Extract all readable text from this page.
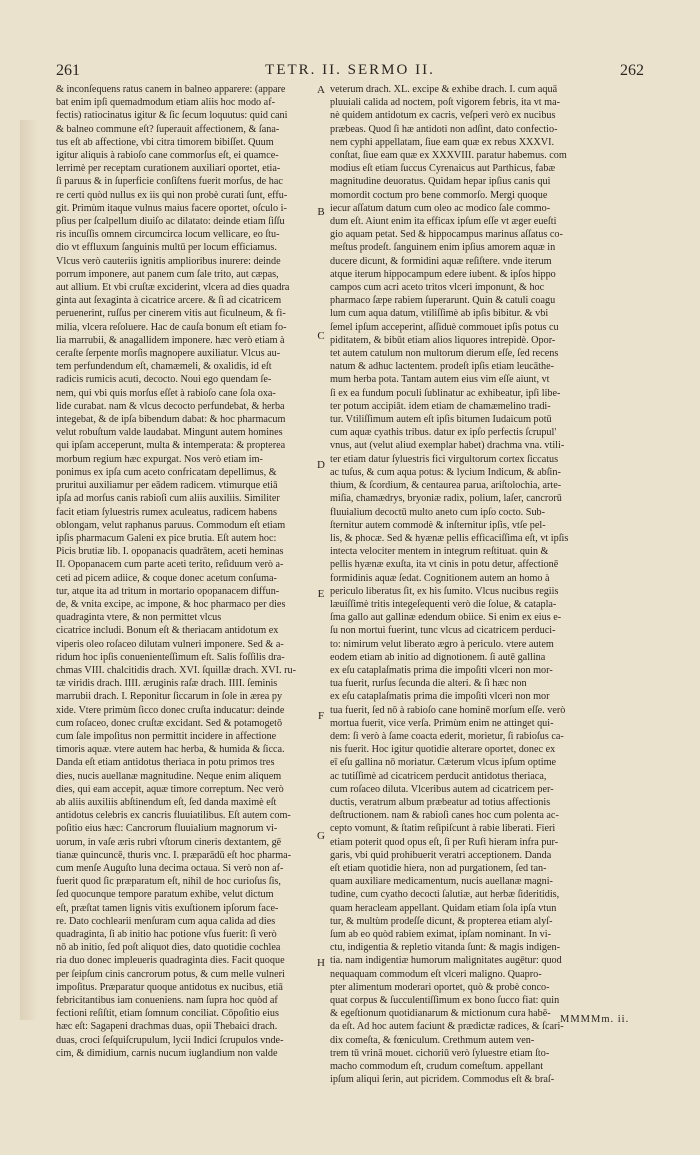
261	TETR. II. SERMO II.	262
& inconſequens ratus canem in balneo apparere: (appare
bat enim ipſi quemadmodum etiam aliis hoc modo af-
fectis) ratiocinatus igitur & ſic ſecum loquutus: quid cani
& balneo commune eſt? ſuperauit affectionem, & ſana-
tus eſt ab affectione, vbi citra timorem bibiſſet. Quum
igitur aliquis à rabioſo cane commorſus eſt, ei quamce-
lerrimè per receptam curationem auxiliari oportet, etia-
ſi paruus & in ſuperficie conſiſtens fuerit morſus, de hac
re certi quòd nullus ex iis qui non probè curati ſunt, effu-
git. Primùm itaque vulnus maius facere oportet, oſculo i-
pſius per ſcalpellum diuiſo ac dilatato: deinde etiam ſiſſu
ris incuſſis omnem circumcirca locum vellicare, eo ſtu-
dio vt effluxum ſanguinis multū per locum efficiamus.
Vlcus verò cauteriis ignitis amplioribus inurere: deinde
porrum imponere, aut panem cum ſale trito, aut cæpas,
aut allium. Et vbi cruſtæ exciderint, vlcera ad dies quadra
ginta aut ſexaginta à cicatrice arcere. & ſi ad cicatricem
peruenerint, ruſſus per cinerem vitis aut ficulneum, & fi-
milia, vlcera reſoluere. Hac de cauſa bonum eſt etiam fo-
lia marrubii, & anagallidem imponere. hæc verò etiam à
ceraſte ſerpente morſis magnopere auxiliatur. Vlcus au-
tem perfundendum eſt, chamæmeli, & oxalidis, id eſt
radicis rumicis acuti, decocto. Noui ego quendam ſe-
nem, qui vbi quis morſus eſſet à rabioſo cane ſola oxa-
lide curabat. nam & vlcus decocto perfundebat, & herba
integebat, & de ipſa bibendum dabat: & hoc pharmacum
velut robuſtum valde laudabat. Mingunt autem homines
qui ipſam acceperunt, multa & intemperata: & propterea
morbum regium hæc expurgat. Nos verò etiam im-
ponimus ex ipſa cum aceto confricatam depellimus, &
pruritui auxiliamur per eādem radicem. vtimurque etiā
ipſa ad morſus canis rabioſi cum aliis auxiliis. Similiter
facit etiam ſyluestris rumex aculeatus, radicem habens
oblongam, velut raphanus paruus. Commodum eſt etiam
ipſis pharmacum Galeni ex pice brutia. Eſt autem hoc:
Picis brutiæ lib. I. opopanacis quadrātem, aceti heminas
II. Opopanacem cum parte aceti terito, reſiduum verò a-
ceti ad picem adiice, & coque donec acetum conſuma-
tur, atque ita ad tritum in mortario opopanacem diffun-
de, & vnita excipe, ac impone, & hoc pharmaco per dies
quadraginta vtere, & non permittet vlcus
cicatrice includi. Bonum eſt & theriacam antidotum ex
viperis oleo roſaceo dilutam vulneri imponere. Sed & a-
ridum hoc ipſis conuenienteſſimum eſt. Salis foſſilis dra-
chmas VIII. chalcitidis drach. XVI. ſquillæ drach. XVI. ru-
tæ viridis drach. IIII. æruginis raſæ drach. IIII. ſeminis
marrubii drach. I. Reponitur ſiccarum in ſole in ærea py
xide. Vtere primùm ſicco donec cruſta inducatur: deinde
cum roſaceo, donec cruſtæ excidant. Sed & potamogetō
cum ſale impoſitus non permittit incidere in affectione
timoris aquæ. vtere autem hac herba, & humida & ſicca.
Danda eſt etiam antidotus theriaca in potu primos tres
dies, nucis auellanæ magnitudine. Neque enim aliquem
dies, qui eam accepit, aquæ timore correptum. Nec verò
ab aliis auxiliis abſtinendum eſt, ſed danda maximè eſt
antidotus celebris ex cancris fluuiatilibus. Eſt autem com-
poſitio eius hæc: Cancrorum fluuialium magnorum vi-
uorum, in vaſe æris rubri vſtorum cineris dextantem, gē
tianæ quincuncē, thuris vnc. I. præparādū eſt hoc pharma-
cum menſe Auguſto luna decima octaua. Si verò non af-
fuerit quod ſic præparatum eſt, nihil de hoc curioſus ſis,
ſed quocunque tempore paratum exhibe, velut dictum
eſt, præſtat tamen lignis vitis exuſtionem ipſorum face-
re. Dato cochlearii menſuram cum aqua calida ad dies
quadraginta, ſi ab initio hac potione vſus fuerit: ſi verò
nō ab initio, ſed poſt aliquot dies, dato quotidie cochlea
ria duo donec impleueris quadraginta dies. Facit quoque
per ſeipſum cinis cancrorum potus, & cum melle vulneri
impoſitus. Præparatur quoque antidotus ex nucibus, etiā
febricitantibus iam conueniens. nam ſupra hoc quòd af
fectioni reſiſtit, etiam ſomnum conciliat. Cōpoſitio eius
hæc eſt: Sagapeni drachmas duas, opii Thebaici drach.
duas, croci ſeſquiſcrupulum, lycii Indici ſcrupulos vnde-
cim, & dimidium, carnis nucum iuglandium non valde
veterum drach. XL. excipe & exhibe drach. I. cum aquā
pluuiali calida ad noctem, poſt vigorem febris, ita vt ma-
nè quidem antidotum ex cacris, veſperi verò ex nucibus
præbeas. Quod ſi hæ antidoti non adſint, dato confectio-
nem cyphi appellatam, ſiue eam quæ ex rebus XXXVI.
conſtat, ſiue eam quæ ex XXXVIII. paratur habemus. com
modius eſt etiam ſuccus Cyrenaicus aut Parthicus, fabæ
magnitudine deuoratus. Quidam hepar ipſius canis qui
momordit coctum pro bene commorſo. Mergi quoque
iecur aſſatum datum cum oleo ac modico ſale commo-
dum eſt. Aiunt enim ita efficax ipſum eſſe vt æger eueſti
gio aquam petat. Sed & hippocampus marinus aſſatus co-
meſtus prodeſt. ſanguinem enim ipſius amorem aquæ in
ducere dicunt, & formidini aquæ reſiſtere. vnde iterum
atque iterum hippocampum edere iubent. & ipſos hippo
campos cum acri aceto tritos vlceri imponunt, & hoc
pharmaco ſæpe rabiem ſuperarunt. Quin & catuli coagu
lum cum aqua datum, vtiliſſimè ab ipſis bibitur. & vbi
ſemel ipſum acceperint, aſſiduè commouet ipſis potus cu
piditatem, & bibūt etiam alios liquores intrepidè. Opor-
tet autem catulum non multorum dierum eſſe, ſed recens
natum & adhuc lactentem. prodeſt ipſis etiam leucāthe-
mum herba pota. Tantam autem eius vim eſſe aiunt, vt
ſi ex ea fundum poculi ſublinatur ac exhibeatur, ipſi libe-
ter potum accipiāt. idem etiam de chamæmelino tradi-
tur. Vtiliſſimum autem eſt ipſis bitumen Iudaicum potū
cum aquæ cyathis tribus. datur ex ipſo perfectis ſcrupul'
vnus, aut (velut aliud exemplar habet) drachma vna. vtili-
ter etiam datur ſyluestris fici virgultorum cortex ſiccatus
ac tuſus, & cum aqua potus: & lycium Indicum, & abſin-
thium, & ſcordium, & centaurea parua, ariſtolochia, arte-
miſia, chamædrys, bryoniæ radix, polium, laſer, cancrorū
fluuialium decoctū multo aneto cum ipſo cocto. Sub-
ſternitur autem commodè & inſternitur ipſis, vtſe pel-
lis, & phocæ. Sed & hyænæ pellis efficaciſſima eſt, vt ipſis
intecta velociter mentem in integrum reſtituat. quin &
pellis hyænæ exuſta, ita vt cinis in potu detur, affectionē
formidinis aquæ ſedat. Cognitionem autem an homo à
periculo liberatus ſit, ex his ſumito. Vlcus nucibus regiis
læuiſſimè tritis integeſequenti verò die ſolue, & catapla-
ſma gallo aut gallinæ edendum obiice. Si enim ex eius e-
ſu non mortui fuerint, tunc vlcus ad cicatricem perduci-
to: nimirum velut liberato ægro à periculo. vtere autem
eodem etiam ab initio ad dignotionem. ſi autē gallina
ex eſu cataplaſmatis prima die impoſiti vlceri non mor-
tua fuerit, rurſus ſecunda die alteri. & ſi hæc non
ex eſu cataplaſmatis prima die impoſiti vlceri non mor
tua fuerit, ſed nō à rabioſo cane hominē morſum eſſe. verò
mortua fuerit, vice verſa. Primùm enim ne attinget qui-
dem: ſi verò à ſame coacta ederit, morietur, ſi rabioſus ca-
nis fuerit. Hoc igitur quotidie alterare oportet, donec ex
eī eſu gallina nō moriatur. Cæterum vlcus ipſum optime
ac tutiſſimè ad cicatricem perducit antidotus theriaca,
cum roſaceo diluta. Vlceribus autem ad cicatricem per-
ductis, veratrum album præbeatur ad totius affectionis
deſtructionem. nam & rabioſi canes hoc cum polenta ac-
cepto vomunt, & ſtatim reſipiſcunt à rabie liberati. Fieri
etiam poterit quod opus eſt, ſi per Rufi hieram infra pur-
garis, vbi quid prohibuerit veratri acceptionem. Danda
eſt etiam quotidie hiera, non ad purgationem, ſed tan-
quam auxiliare medicamentum, nucis auellanæ magni-
tudine, cum cyatho decocti ſalutiæ, aut herbæ ſideritidis,
quam heracleam appellant. Quidam etiam ſola ipſa vtun
tur, & multùm prodeſſe dicunt, & propterea etiam alyſ-
ſum ab eo quòd rabiem eximat, ipſam nominant. In vi-
ctu, indigentia & repletio vitanda ſunt: & magis indigen-
tia. nam indigentiæ humorum malignitates augētur: quod
nequaquam commodum eſt vlceri maligno. Quapro-
pter alimentum moderari oportet, quò & probè conco-
quat corpus & ſucculentiſſimum ex bono ſucco fiat: quin
& egeſtionum quotidianarum & mictionum cura habē-
da eſt. Ad hoc autem faciunt & prædictæ radices, & ſcari-
dix comeſta, & fœniculum. Crethmum autem ven-
trem tū vrinā mouet. cichoriū verò ſyluestre etiam ſto-
macho commodum eſt, crudum comeſtum. appellant
ipſum aliqui ſerin, aut picridem. Commodus eſt & braſ-
A
B
C
D
E
F
G
H
MMMMm. ii.
